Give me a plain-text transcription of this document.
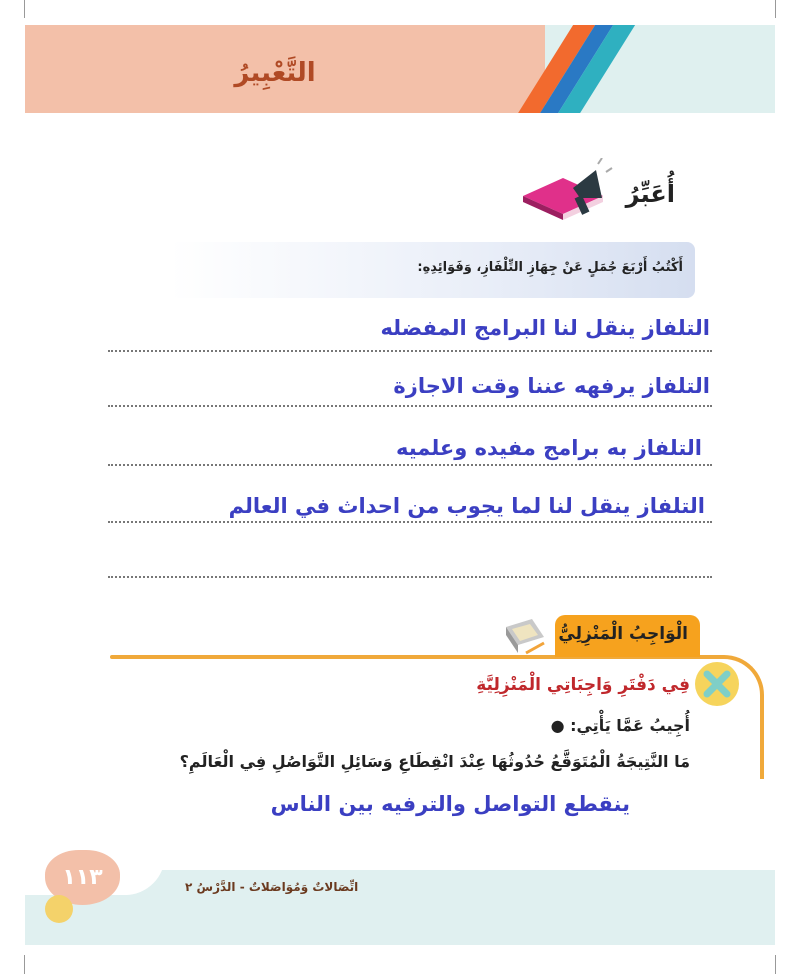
التَّعْبِيرُ
أُعَبِّرُ
أَكْتُبُ أَرْبَعَ جُمَلٍ عَنْ جِهَازِ التِّلْفَازِ، وَفَوَائِدِهِ:
التلفاز ينقل لنا البرامج المفضله
التلفاز يرفهه عننا وقت الاجازة
التلفاز به برامج مفيده وعلميه
التلفاز ينقل لنا لما يجوب من احداث في العالم
الْوَاجِبُ الْمَنْزِلِيُّ
فِي دَفْتَرِ وَاجِبَاتِي الْمَنْزِلِيَّةِ
أُجِيبُ عَمَّا يَأْتِي: ●
مَا النَّتِيجَةُ الْمُتَوَقَّعُ حُدُوثُهَا عِنْدَ انْقِطَاعِ وَسَائِلِ التَّوَاصُلِ فِي الْعَالَمِ؟
ينقطع التواصل والترفيه بين الناس
١١٣	اتِّصَالاتٌ وَمُوَاصَلاتٌ - الدَّرْسُ ٢
